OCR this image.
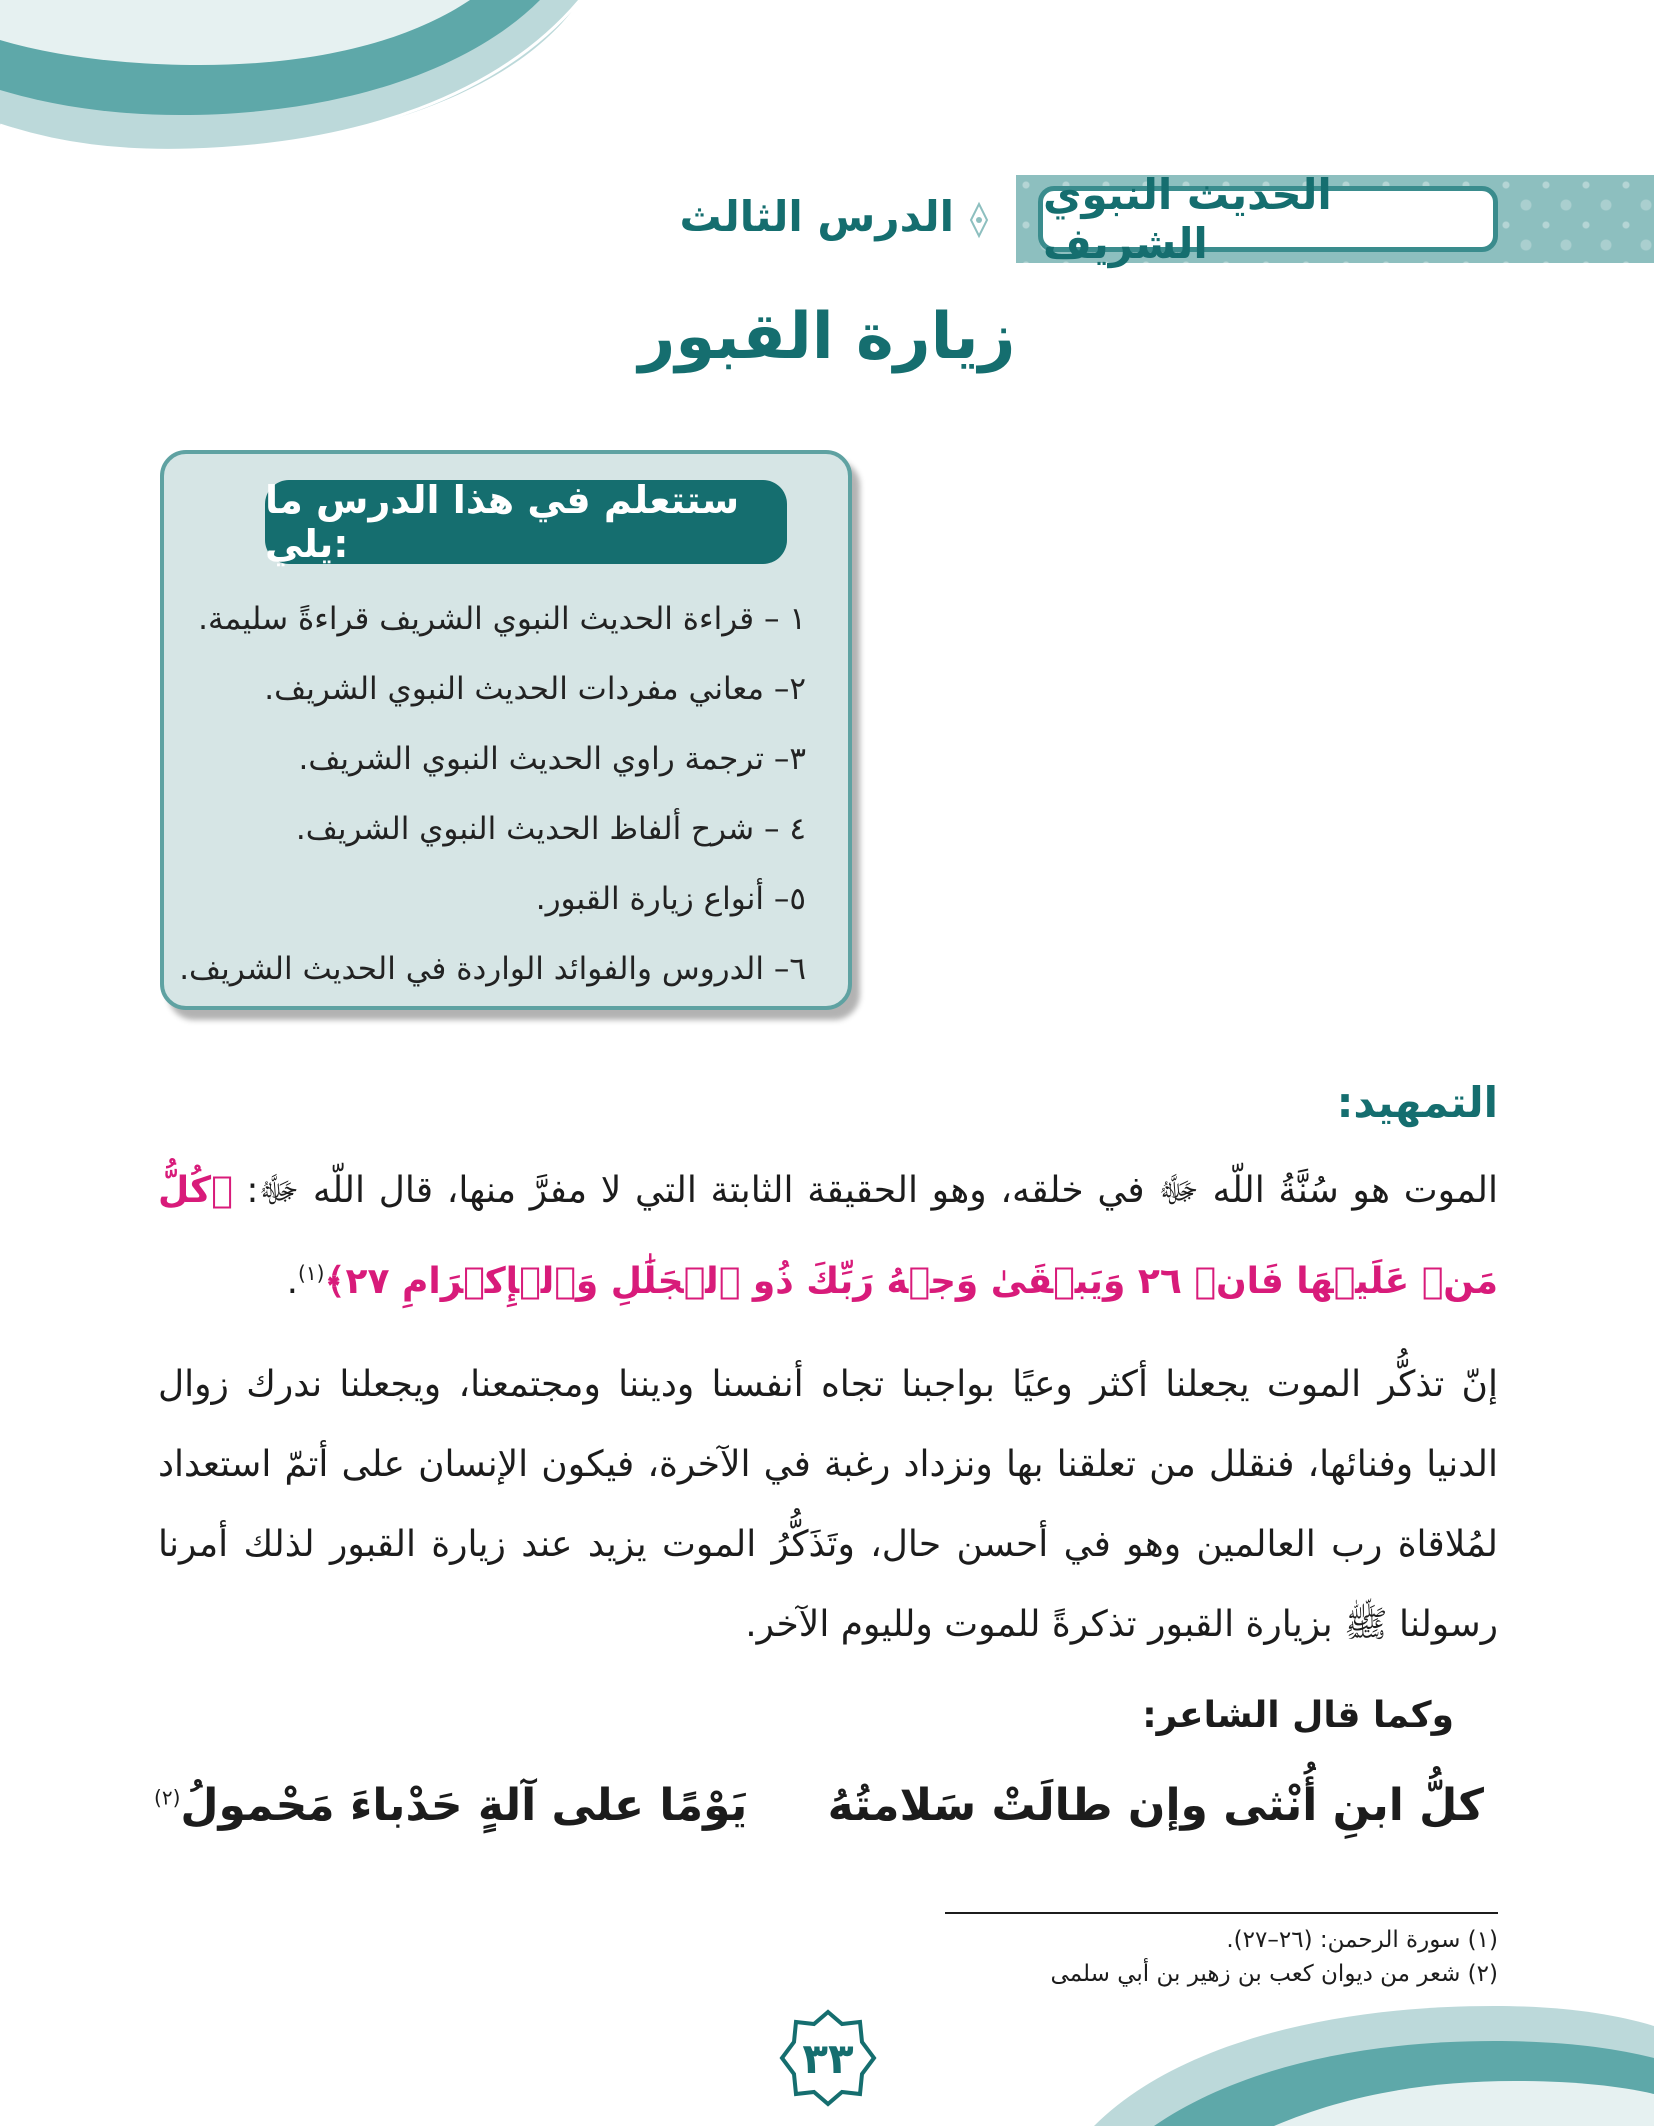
الحديث النبوي الشريف
الدرس الثالث
زيارة القبور
ستتعلم في هذا الدرس ما يلي:
١ – قراءة الحديث النبوي الشريف قراءةً سليمة.
٢– معاني مفردات الحديث النبوي الشريف.
٣– ترجمة راوي الحديث النبوي الشريف.
٤ – شرح ألفاظ الحديث النبوي الشريف.
٥– أنواع زيارة القبور.
٦– الدروس والفوائد الواردة في الحديث الشريف.
التمهيد:

الموت هو سُنَّةُ اللّه ﷻ في خلقه، وهو الحقيقة الثابتة التي لا مفرَّ منها، قال اللّه ﷻ: ﴿كُلُّ مَنۡ عَلَيۡهَا فَانٖ ٢٦ وَيَبۡقَىٰ وَجۡهُ رَبِّكَ ذُو ٱلۡجَلَٰلِ وَٱلۡإِكۡرَامِ ٢٧﴾$^{(١)}$.

إنّ تذكُّر الموت يجعلنا أكثر وعيًا بواجبنا تجاه أنفسنا وديننا ومجتمعنا، ويجعلنا ندرك زوال الدنيا وفنائها، فنقلل من تعلقنا بها ونزداد رغبة في الآخرة، فيكون الإنسان على أتمّ استعداد لمُلاقاة رب العالمين وهو في أحسن حال، وتَذَكُّرُ الموت يزيد عند زيارة القبور لذلك أمرنا رسولنا ﷺ بزيارة القبور تذكرةً للموت ولليوم الآخر.

وكما قال الشاعر:
كلُّ ابنِ أُنْثى وإن طالَتْ سَلامتُهُ
يَوْمًا على آلةٍ حَدْباءَ مَحْمولُ$^{(٢)}$
(١) سورة الرحمن: (٢٦–٢٧).
(٢) شعر من ديوان كعب بن زهير بن أبي سلمى
٣٣
